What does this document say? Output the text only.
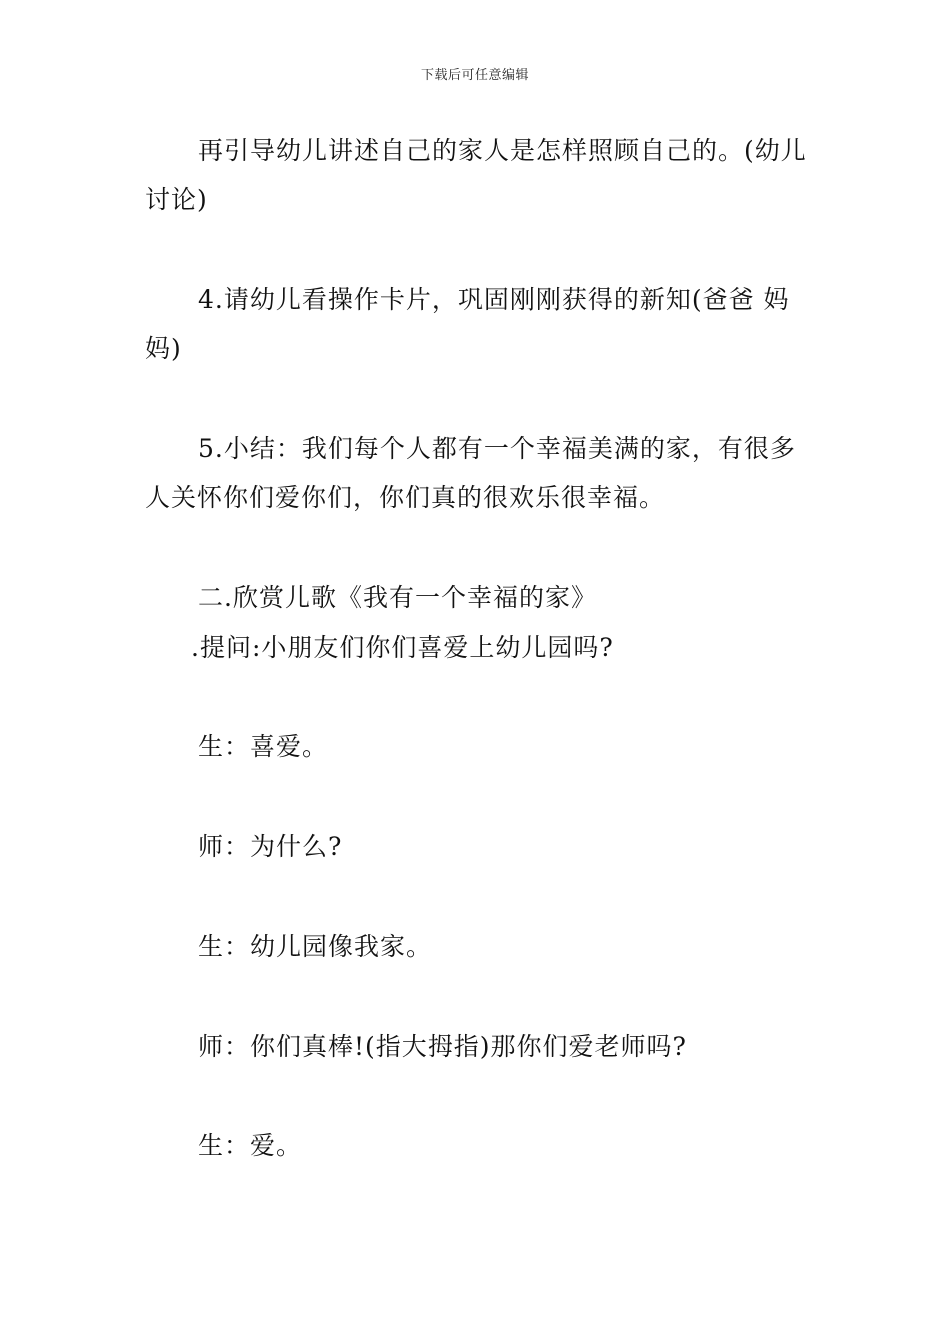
下载后可任意编辑
再引导幼儿讲述自己的家人是怎样照顾自己的。(幼儿
讨论)
4.请幼儿看操作卡片，巩固刚刚获得的新知(爸爸 妈
妈)
5.小结：我们每个人都有一个幸福美满的家，有很多
人关怀你们爱你们，你们真的很欢乐很幸福。
二.欣赏儿歌《我有一个幸福的家》
.提问:小朋友们你们喜爱上幼儿园吗?
生：喜爱。
师：为什么?
生：幼儿园像我家。
师：你们真棒!(指大拇指)那你们爱老师吗?
生：爱。
